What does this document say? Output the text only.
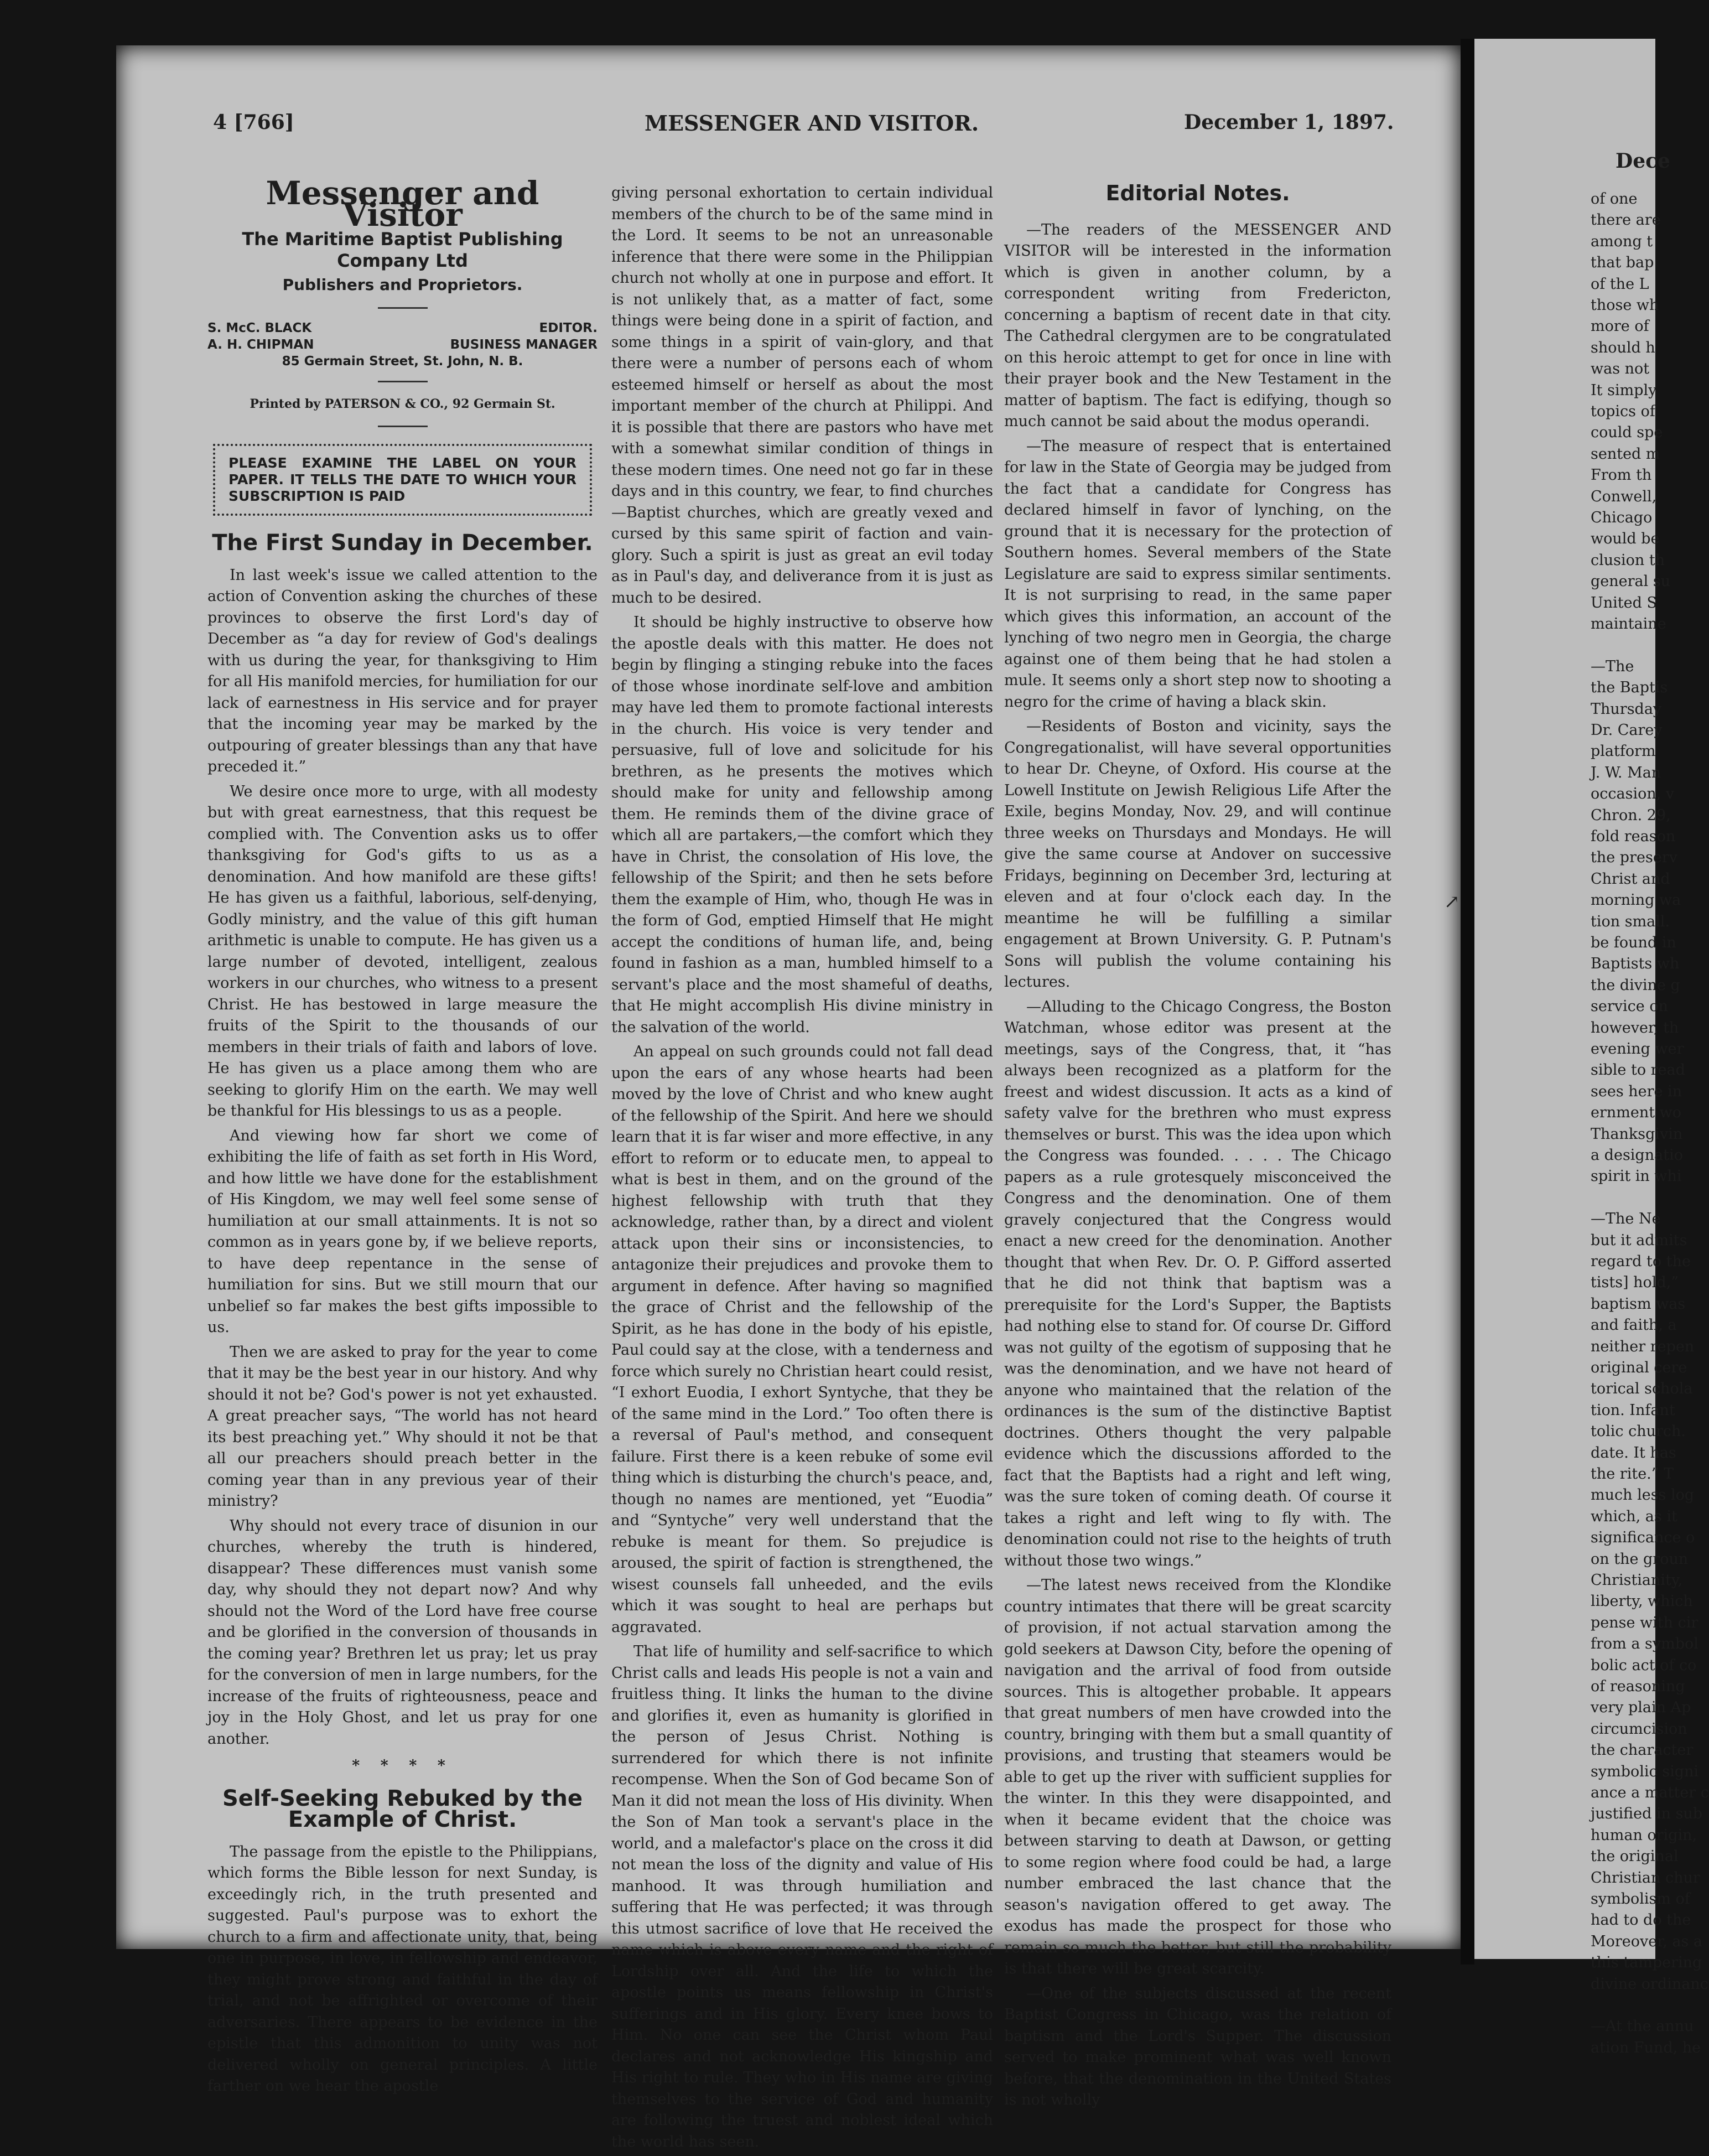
Dece
of one
there are
among t
that bap
of the L
those wh
more of
should h
was not
It simply
topics of
could spe
sented m
From th
Conwell,
Chicago
would be
clusion th
general su
United S
maintaine
—The
the Baptis
Thursday
Dr. Carey
platform
J. W. Man
occasion, v
Chron. 29,
fold reason
the preserv
Christ and
morning wa
tion small.
be found in
Baptists wh
the divine g
service on
however, th
evening wer
sible to read
sees here in
ernment wo
Thanksgivin
a designatio
spirit in whi
—The Ne
but it admits
regard to the
tists] hold,”
baptism was
and faith, a
neither repen
original cere
torical schola
tion. Infant
tolic church.
date. It has
the rite.” T
much less log
which, as it
significance o
on the groun
Christianity,
liberty, which
pense with cir
from a symbol
bolic act of co
of reasoning
very plain Ap
circumcision
the character
symbolic signi
ance a matter c
justified in sub
human origin,
the original
Christian chur
symbolism of
had to do the
Moreover, as a
this tampering
divine ordinanc
—At the annu
ation Fund, he
4 [766]	MESSENGER AND VISITOR.	December 1, 1897.
Messenger and Visitor
The Maritime Baptist Publishing Company Ltd
Publishers and Proprietors.
S. McC. BLACK	EDITOR.
A. H. CHIPMAN	BUSINESS MANAGER
85 Germain Street, St. John, N. B.
Printed by PATERSON & CO., 92 Germain St.
PLEASE EXAMINE THE LABEL ON YOUR PAPER. IT TELLS THE DATE TO WHICH YOUR SUBSCRIPTION IS PAID
The First Sunday in December.

In last week's issue we called attention to the action of Convention asking the churches of these provinces to observe the first Lord's day of December as “a day for review of God's dealings with us during the year, for thanksgiving to Him for all His manifold mercies, for humiliation for our lack of earnestness in His service and for prayer that the incoming year may be marked by the outpouring of greater blessings than any that have preceded it.”

We desire once more to urge, with all modesty but with great earnestness, that this request be complied with. The Convention asks us to offer thanksgiving for God's gifts to us as a denomination. And how manifold are these gifts! He has given us a faithful, laborious, self-denying, Godly ministry, and the value of this gift human arithmetic is unable to compute. He has given us a large number of devoted, intelligent, zealous workers in our churches, who witness to a present Christ. He has bestowed in large measure the fruits of the Spirit to the thousands of our members in their trials of faith and labors of love. He has given us a place among them who are seeking to glorify Him on the earth. We may well be thankful for His blessings to us as a people.

And viewing how far short we come of exhibiting the life of faith as set forth in His Word, and how little we have done for the establishment of His Kingdom, we may well feel some sense of humiliation at our small attainments. It is not so common as in years gone by, if we believe reports, to have deep repentance in the sense of humiliation for sins. But we still mourn that our unbelief so far makes the best gifts impossible to us.

Then we are asked to pray for the year to come that it may be the best year in our history. And why should it not be? God's power is not yet exhausted. A great preacher says, “The world has not heard its best preaching yet.” Why should it not be that all our preachers should preach better in the coming year than in any previous year of their ministry?

Why should not every trace of disunion in our churches, whereby the truth is hindered, disappear? These differences must vanish some day, why should they not depart now? And why should not the Word of the Lord have free course and be glorified in the conversion of thousands in the coming year? Brethren let us pray; let us pray for the conversion of men in large numbers, for the increase of the fruits of righteousness, peace and joy in the Holy Ghost, and let us pray for one another.

* * * *
Self-Seeking Rebuked by the Example of Christ.

The passage from the epistle to the Philippians, which forms the Bible lesson for next Sunday, is exceedingly rich, in the truth presented and suggested. Paul's purpose was to exhort the church to a firm and affectionate unity, that, being one in purpose, in love, in fellowship and endeavor, they might prove strong and faithful in the day of trial, and not be affrighted or overcome of their adversaries. There appears to be evidence in the epistle that this admonition to unity was not delivered wholly on general principles. A little farther on we hear the apostle

giving personal exhortation to certain individual members of the church to be of the same mind in the Lord. It seems to be not an unreasonable inference that there were some in the Philippian church not wholly at one in purpose and effort. It is not unlikely that, as a matter of fact, some things were being done in a spirit of faction, and some things in a spirit of vain-glory, and that there were a number of persons each of whom esteemed himself or herself as about the most important member of the church at Philippi. And it is possible that there are pastors who have met with a somewhat similar condition of things in these modern times. One need not go far in these days and in this country, we fear, to find churches—Baptist churches, which are greatly vexed and cursed by this same spirit of faction and vain-glory. Such a spirit is just as great an evil today as in Paul's day, and deliverance from it is just as much to be desired.

It should be highly instructive to observe how the apostle deals with this matter. He does not begin by flinging a stinging rebuke into the faces of those whose inordinate self-love and ambition may have led them to promote factional interests in the church. His voice is very tender and persuasive, full of love and solicitude for his brethren, as he presents the motives which should make for unity and fellowship among them. He reminds them of the divine grace of which all are partakers,—the comfort which they have in Christ, the consolation of His love, the fellowship of the Spirit; and then he sets before them the example of Him, who, though He was in the form of God, emptied Himself that He might accept the conditions of human life, and, being found in fashion as a man, humbled himself to a servant's place and the most shameful of deaths, that He might accomplish His divine ministry in the salvation of the world.

An appeal on such grounds could not fall dead upon the ears of any whose hearts had been moved by the love of Christ and who knew aught of the fellowship of the Spirit. And here we should learn that it is far wiser and more effective, in any effort to reform or to educate men, to appeal to what is best in them, and on the ground of the highest fellowship with truth that they acknowledge, rather than, by a direct and violent attack upon their sins or inconsistencies, to antagonize their prejudices and provoke them to argument in defence. After having so magnified the grace of Christ and the fellowship of the Spirit, as he has done in the body of his epistle, Paul could say at the close, with a tenderness and force which surely no Christian heart could resist, “I exhort Euodia, I exhort Syntyche, that they be of the same mind in the Lord.” Too often there is a reversal of Paul's method, and consequent failure. First there is a keen rebuke of some evil thing which is disturbing the church's peace, and, though no names are mentioned, yet “Euodia” and “Syntyche” very well understand that the rebuke is meant for them. So prejudice is aroused, the spirit of faction is strengthened, the wisest counsels fall unheeded, and the evils which it was sought to heal are perhaps but aggravated.

That life of humility and self-sacrifice to which Christ calls and leads His people is not a vain and fruitless thing. It links the human to the divine and glorifies it, even as humanity is glorified in the person of Jesus Christ. Nothing is surrendered for which there is not infinite recompense. When the Son of God became Son of Man it did not mean the loss of His divinity. When the Son of Man took a servant's place in the world, and a malefactor's place on the cross it did not mean the loss of the dignity and value of His manhood. It was through humiliation and suffering that He was perfected; it was through this utmost sacrifice of love that He received the name which is above every name and the right of Lordship over all. And the life to which the apostle points us means fellowship in Christ's sufferings and in His glory. Every knee bows to Him. No one can see the Christ whom Paul declares and not acknowledge His kingship and His right to rule. They who in His name are giving themselves to the service of God and humanity are following the truest and noblest ideal which the world has seen.

Editorial Notes.

—The readers of the MESSENGER AND VISITOR will be interested in the information which is given in another column, by a correspondent writing from Fredericton, concerning a baptism of recent date in that city. The Cathedral clergymen are to be congratulated on this heroic attempt to get for once in line with their prayer book and the New Testament in the matter of baptism. The fact is edifying, though so much cannot be said about the modus operandi.

—The measure of respect that is entertained for law in the State of Georgia may be judged from the fact that a candidate for Congress has declared himself in favor of lynching, on the ground that it is necessary for the protection of Southern homes. Several members of the State Legislature are said to express similar sentiments. It is not surprising to read, in the same paper which gives this information, an account of the lynching of two negro men in Georgia, the charge against one of them being that he had stolen a mule. It seems only a short step now to shooting a negro for the crime of having a black skin.

—Residents of Boston and vicinity, says the Congregationalist, will have several opportunities to hear Dr. Cheyne, of Oxford. His course at the Lowell Institute on Jewish Religious Life After the Exile, begins Monday, Nov. 29, and will continue three weeks on Thursdays and Mondays. He will give the same course at Andover on successive Fridays, beginning on December 3rd, lecturing at eleven and at four o'clock each day. In the meantime he will be fulfilling a similar engagement at Brown University. G. P. Putnam's Sons will publish the volume containing his lectures.

—Alluding to the Chicago Congress, the Boston Watchman, whose editor was present at the meetings, says of the Congress, that, it “has always been recognized as a platform for the freest and widest discussion. It acts as a kind of safety valve for the brethren who must express themselves or burst. This was the idea upon which the Congress was founded. . . . . The Chicago papers as a rule grotesquely misconceived the Congress and the denomination. One of them gravely conjectured that the Congress would enact a new creed for the denomination. Another thought that when Rev. Dr. O. P. Gifford asserted that he did not think that baptism was a prerequisite for the Lord's Supper, the Baptists had nothing else to stand for. Of course Dr. Gifford was not guilty of the egotism of supposing that he was the denomination, and we have not heard of anyone who maintained that the relation of the ordinances is the sum of the distinctive Baptist doctrines. Others thought the very palpable evidence which the discussions afforded to the fact that the Baptists had a right and left wing, was the sure token of coming death. Of course it takes a right and left wing to fly with. The denomination could not rise to the heights of truth without those two wings.”

—The latest news received from the Klondike country intimates that there will be great scarcity of provision, if not actual starvation among the gold seekers at Dawson City, before the opening of navigation and the arrival of food from outside sources. This is altogether probable. It appears that great numbers of men have crowded into the country, bringing with them but a small quantity of provisions, and trusting that steamers would be able to get up the river with sufficient supplies for the winter. In this they were disappointed, and when it became evident that the choice was between starving to death at Dawson, or getting to some region where food could be had, a large number embraced the last chance that the season's navigation offered to get away. The exodus has made the prospect for those who remain so much the better, but still the probability is that there will be great scarcity.

—One of the subjects discussed at the recent Baptist Congress in Chicago, was the relation of baptism and the Lord's Supper. The discussion served to make prominent what was well known before, that the denomination in the United States is not wholly

↗
